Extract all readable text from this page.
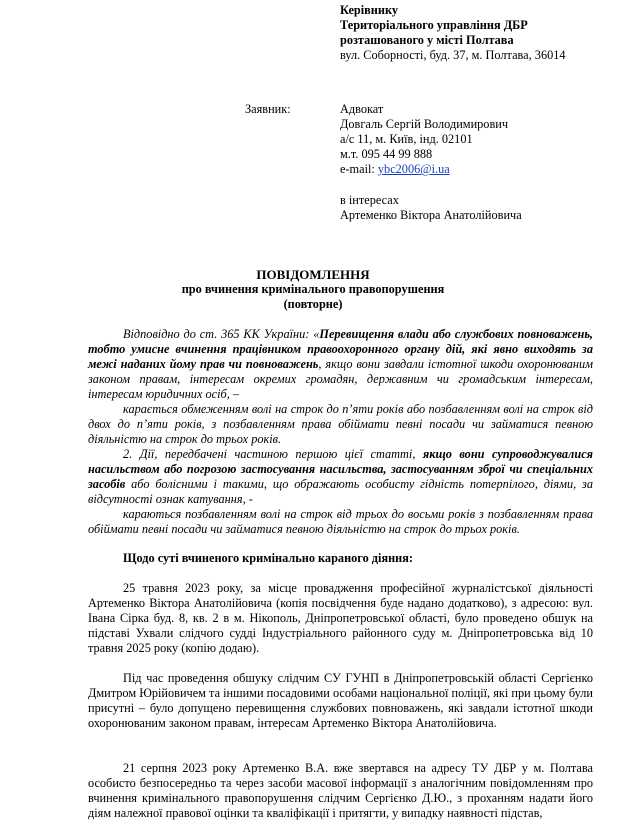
Керівнику
Територіального управління ДБР
розташованого у місті Полтава
вул. Соборності, буд. 37, м. Полтава, 36014
Заявник:	Адвокат
Довгаль Сергій Володимирович
а/с 11, м. Київ, інд. 02101
м.т. 095 44 99 888
e-mail: ybc2006@i.ua
в інтересах
Артеменко Віктора Анатолійовича
ПОВІДОМЛЕННЯ
про вчинення кримінального правопорушення
(повторне)

Відповідно до ст. 365 КК України: «Перевищення влади або службових повноважень, тобто умисне вчинення працівником правоохоронного органу дій, які явно виходять за межі наданих йому прав чи повноважень, якщо вони завдали істотної шкоди охоронюваним законом правам, інтересам окремих громадян, державним чи громадським інтересам, інтересам юридичних осіб, –

карається обмеженням волі на строк до п’яти років або позбавленням волі на строк від двох до п’яти років, з позбавленням права обіймати певні посади чи займатися певною діяльністю на строк до трьох років.

2. Дії, передбачені частиною першою цієї статті, якщо вони супроводжувалися насильством або погрозою застосування насильства, застосуванням зброї чи спеціальних засобів або болісними і такими, що ображають особисту гідність потерпілого, діями, за відсутності ознак катування, -

караються позбавленням волі на строк від трьох до восьми років з позбавленням права обіймати певні посади чи займатися певною діяльністю на строк до трьох років.

Щодо суті вчиненого кримінально караного діяння:

25 травня 2023 року, за місце провадження професійної журналістської діяльності Артеменко Віктора Анатолійовича (копія посвідчення буде надано додатково), з адресою: вул. Івана Сірка буд. 8, кв. 2 в м. Нікополь, Дніпропетровської області, було проведено обшук на підставі Ухвали слідчого судді Індустріального районного суду м. Дніпропетровська від 10 травня 2025 року (копію додаю).

Під час проведення обшуку слідчим СУ ГУНП в Дніпропетровській області Сергієнко Дмитром Юрійовичем та іншими посадовими особами національної поліції, які при цьому були присутні – було допущено перевищення службових повноважень, які завдали істотної шкоди охоронюваним законом правам, інтересам Артеменко Віктора Анатолійовича.

21 серпня 2023 року Артеменко В.А. вже звертався на адресу ТУ ДБР у м. Полтава особисто безпосередньо та через засоби масової інформації з аналогічним повідомленням про вчинення кримінального правопорушення слідчим Сергієнко Д.Ю., з проханням надати його діям належної правової оцінки та кваліфікації і притягти, у випадку наявності підстав,
